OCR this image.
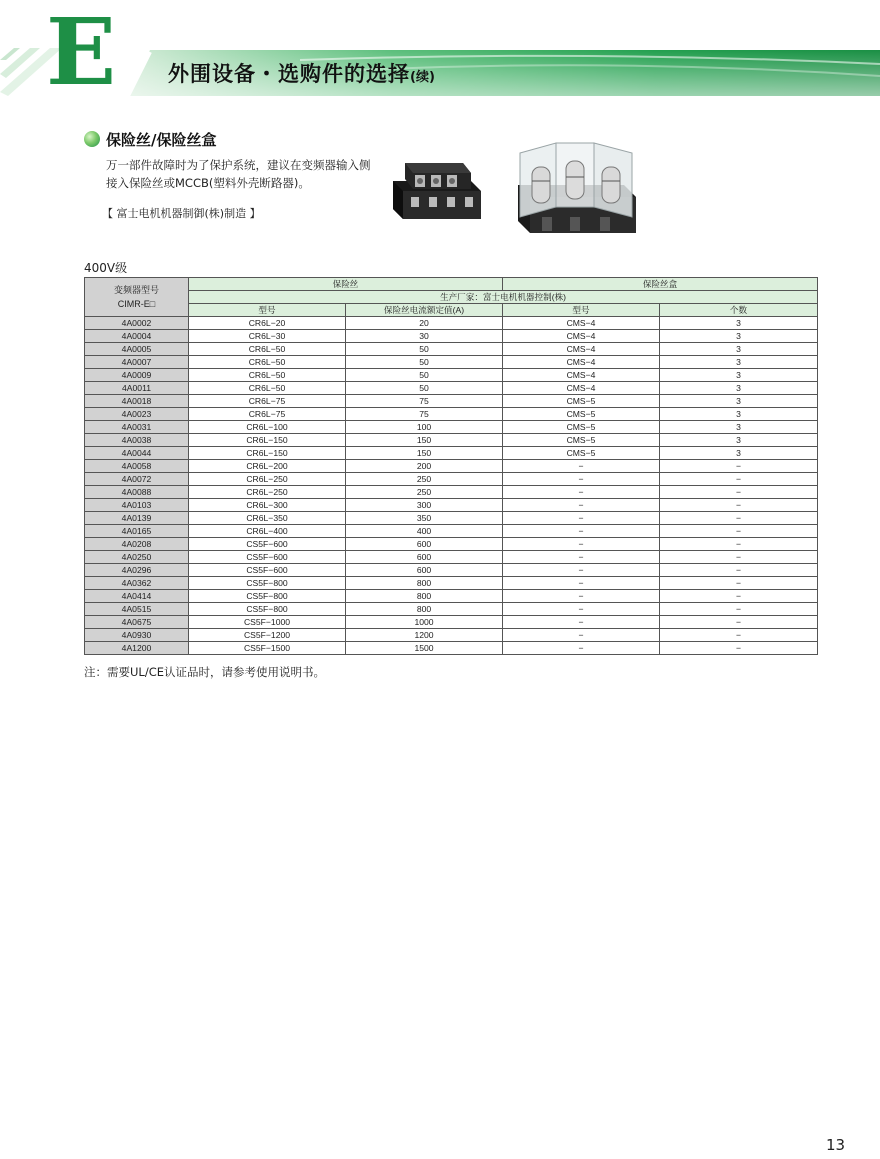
E 外围设备・选购件的选择(续)
保险丝/保险丝盒
万一部件故障时为了保护系统，建议在变频器输入侧
接入保险丝或MCCB(塑料外壳断路器)。
【 富士电机机器制御(株)制造 】
400V级
变频器型号
CIMR-E□	保险丝		保险丝盒	
	生产厂家：富士电机机器控制(株)			
	型号	保险丝电流额定值(A)	型号	个数
4A0002	CR6L−20	20	CMS−4	3
4A0004	CR6L−30	30	CMS−4	3
4A0005	CR6L−50	50	CMS−4	3
4A0007	CR6L−50	50	CMS−4	3
4A0009	CR6L−50	50	CMS−4	3
4A0011	CR6L−50	50	CMS−4	3
4A0018	CR6L−75	75	CMS−5	3
4A0023	CR6L−75	75	CMS−5	3
4A0031	CR6L−100	100	CMS−5	3
4A0038	CR6L−150	150	CMS−5	3
4A0044	CR6L−150	150	CMS−5	3
4A0058	CR6L−200	200	−	−
4A0072	CR6L−250	250	−	−
4A0088	CR6L−250	250	−	−
4A0103	CR6L−300	300	−	−
4A0139	CR6L−350	350	−	−
4A0165	CR6L−400	400	−	−
4A0208	CS5F−600	600	−	−
4A0250	CS5F−600	600	−	−
4A0296	CS5F−600	600	−	−
4A0362	CS5F−800	800	−	−
4A0414	CS5F−800	800	−	−
4A0515	CS5F−800	800	−	−
4A0675	CS5F−1000	1000	−	−
4A0930	CS5F−1200	1200	−	−
4A1200	CS5F−1500	1500	−	−
注：需要UL/CE认证品时，请参考使用说明书。
13
